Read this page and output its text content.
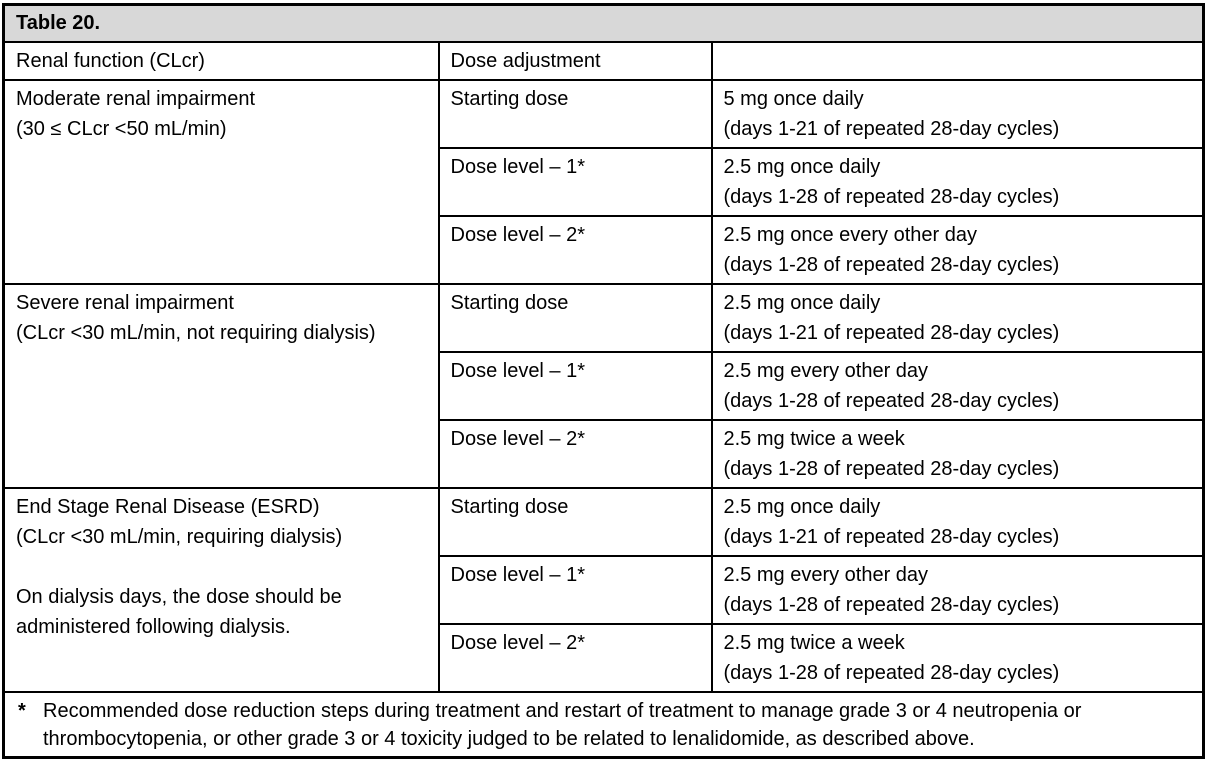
Table 20.		
Renal function (CLcr)	Dose adjustment	

Moderate renal impairment
(30 ≤ CLcr <50 mL/min)
	Starting dose	5 mg once daily
(days 1-21 of repeated 28-day cycles)

	Dose level – 1*	2.5 mg once daily
(days 1-28 of repeated 28-day cycles)

	Dose level – 2*	2.5 mg once every other day
(days 1-28 of repeated 28-day cycles)

Severe renal impairment
(CLcr <30 mL/min, not requiring dialysis)
	Starting dose	2.5 mg once daily
(days 1-21 of repeated 28-day cycles)

	Dose level – 1*	2.5 mg every other day
(days 1-28 of repeated 28-day cycles)

	Dose level – 2*	2.5 mg twice a week
(days 1-28 of repeated 28-day cycles)

End Stage Renal Disease (ESRD)
(CLcr <30 mL/min, requiring dialysis)
On dialysis days, the dose should be administered following dialysis.
	Starting dose	2.5 mg once daily
(days 1-21 of repeated 28-day cycles)

	Dose level – 1*	2.5 mg every other day
(days 1-28 of repeated 28-day cycles)

	Dose level – 2*	2.5 mg twice a week
(days 1-28 of repeated 28-day cycles)

* Recommended dose reduction steps during treatment and restart of treatment to manage grade 3 or 4 neutropenia or thrombocytopenia, or other grade 3 or 4 toxicity judged to be related to lenalidomide, as described above.		
